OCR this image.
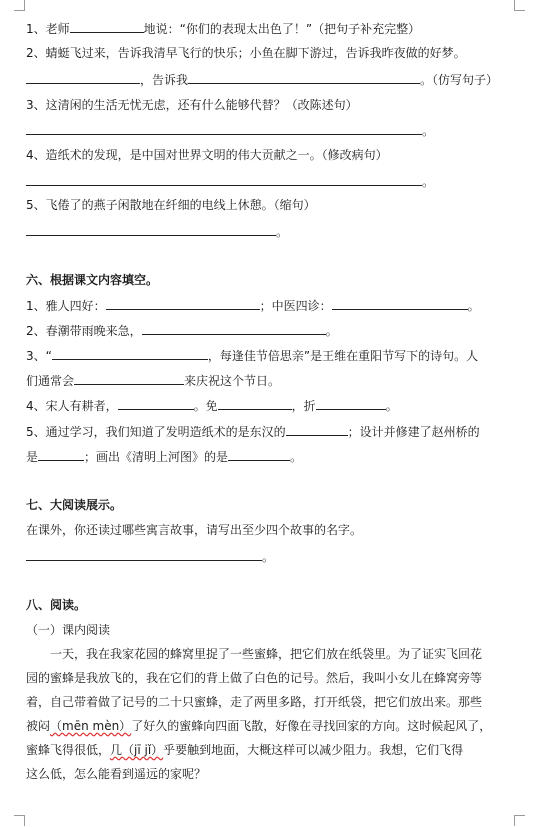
1、老师	地说：“你们的表现太出色了！”（把句子补充完整）
2、蜻蜓飞过来，告诉我清早飞行的快乐；小鱼在脚下游过，告诉我昨夜做的好梦。
，告诉我	。（仿写句子）
3、这清闲的生活无忧无虑，还有什么能够代替？（改陈述句）
。
4、造纸术的发现，是中国对世界文明的伟大贡献之一。（修改病句）
。
5、飞倦了的燕子闲散地在纤细的电线上休憩。（缩句）
。
六、根据课文内容填空。
1、雅人四好：	；中医四诊：	。
2、春潮带雨晚来急，	。
3、“	，每逢佳节倍思亲”是王维在重阳节写下的诗句。人
们通常会	来庆祝这个节日。
4、宋人有耕者，	。免	，折	。
5、通过学习，我们知道了发明造纸术的是东汉的	；设计并修建了赵州桥的
是	；画出《清明上河图》的是	。
七、大阅读展示。
在课外，你还读过哪些寓言故事，请写出至少四个故事的名字。
。
八、阅读。
（一）课内阅读
一天，我在我家花园的蜂窝里捉了一些蜜蜂，把它们放在纸袋里。为了证实飞回花
园的蜜蜂是我放飞的，我在它们的背上做了白色的记号。然后，我叫小女儿在蜂窝旁等
着，自己带着做了记号的二十只蜜蜂，走了两里多路，打开纸袋，把它们放出来。那些
被闷（mēn mèn）了好久的蜜蜂向四面飞散，好像在寻找回家的方向。这时候起风了，
蜜蜂飞得很低，几（jī jǐ）乎要触到地面，大概这样可以减少阻力。我想，它们飞得
这么低，怎么能看到遥远的家呢？
